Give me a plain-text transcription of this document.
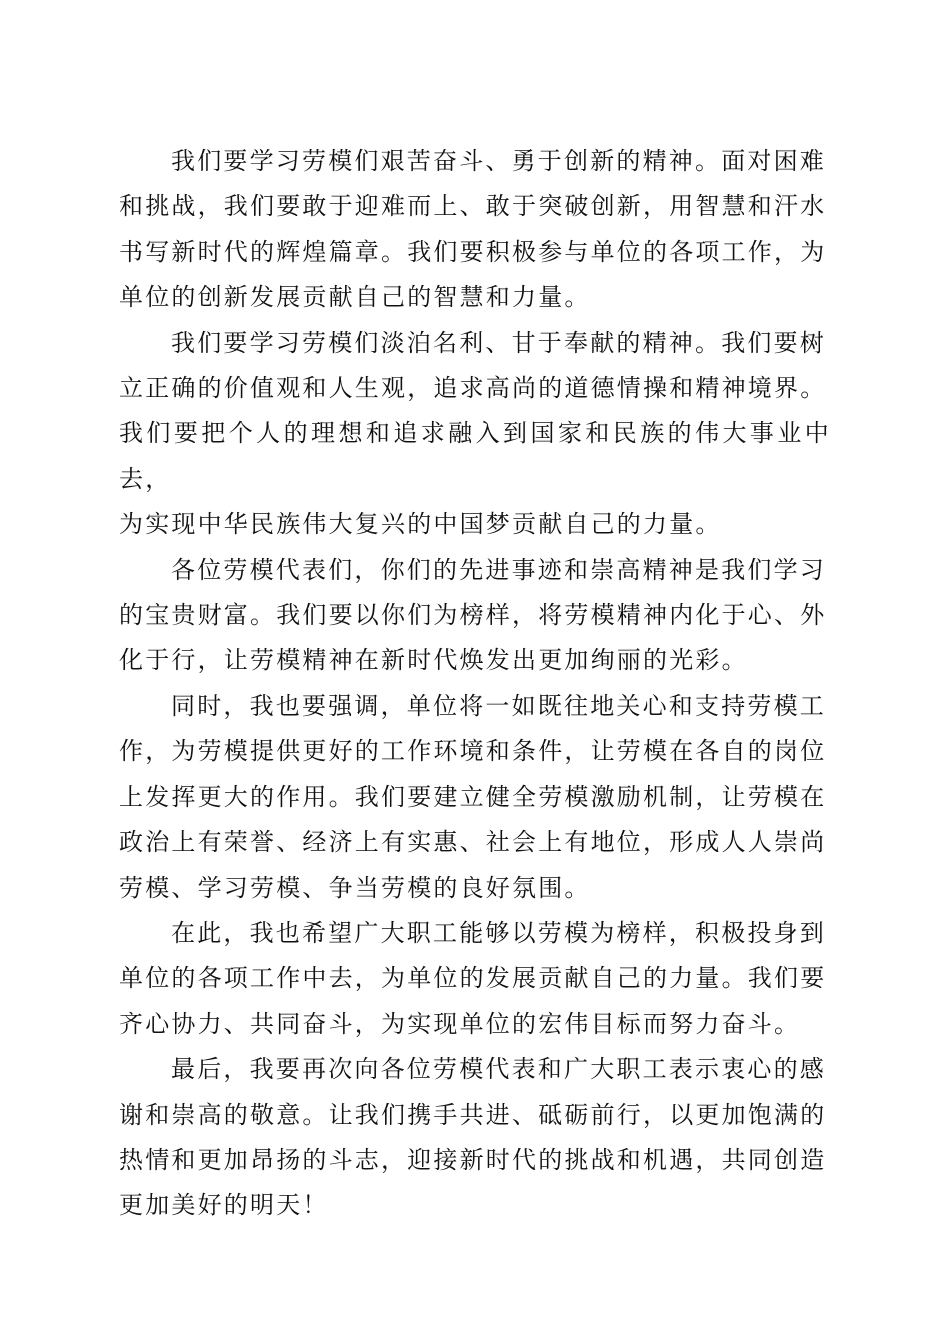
我们要学习劳模们艰苦奋斗、勇于创新的精神。面对困难
和挑战，我们要敢于迎难而上、敢于突破创新，用智慧和汗水
书写新时代的辉煌篇章。我们要积极参与单位的各项工作，为
单位的创新发展贡献自己的智慧和力量。

我们要学习劳模们淡泊名利、甘于奉献的精神。我们要树
立正确的价值观和人生观，追求高尚的道德情操和精神境界。
我们要把个人的理想和追求融入到国家和民族的伟大事业中去，
为实现中华民族伟大复兴的中国梦贡献自己的力量。

各位劳模代表们，你们的先进事迹和崇高精神是我们学习
的宝贵财富。我们要以你们为榜样，将劳模精神内化于心、外
化于行，让劳模精神在新时代焕发出更加绚丽的光彩。

同时，我也要强调，单位将一如既往地关心和支持劳模工
作，为劳模提供更好的工作环境和条件，让劳模在各自的岗位
上发挥更大的作用。我们要建立健全劳模激励机制，让劳模在
政治上有荣誉、经济上有实惠、社会上有地位，形成人人崇尚
劳模、学习劳模、争当劳模的良好氛围。

在此，我也希望广大职工能够以劳模为榜样，积极投身到
单位的各项工作中去，为单位的发展贡献自己的力量。我们要
齐心协力、共同奋斗，为实现单位的宏伟目标而努力奋斗。

最后，我要再次向各位劳模代表和广大职工表示衷心的感
谢和崇高的敬意。让我们携手共进、砥砺前行，以更加饱满的
热情和更加昂扬的斗志，迎接新时代的挑战和机遇，共同创造
更加美好的明天！
